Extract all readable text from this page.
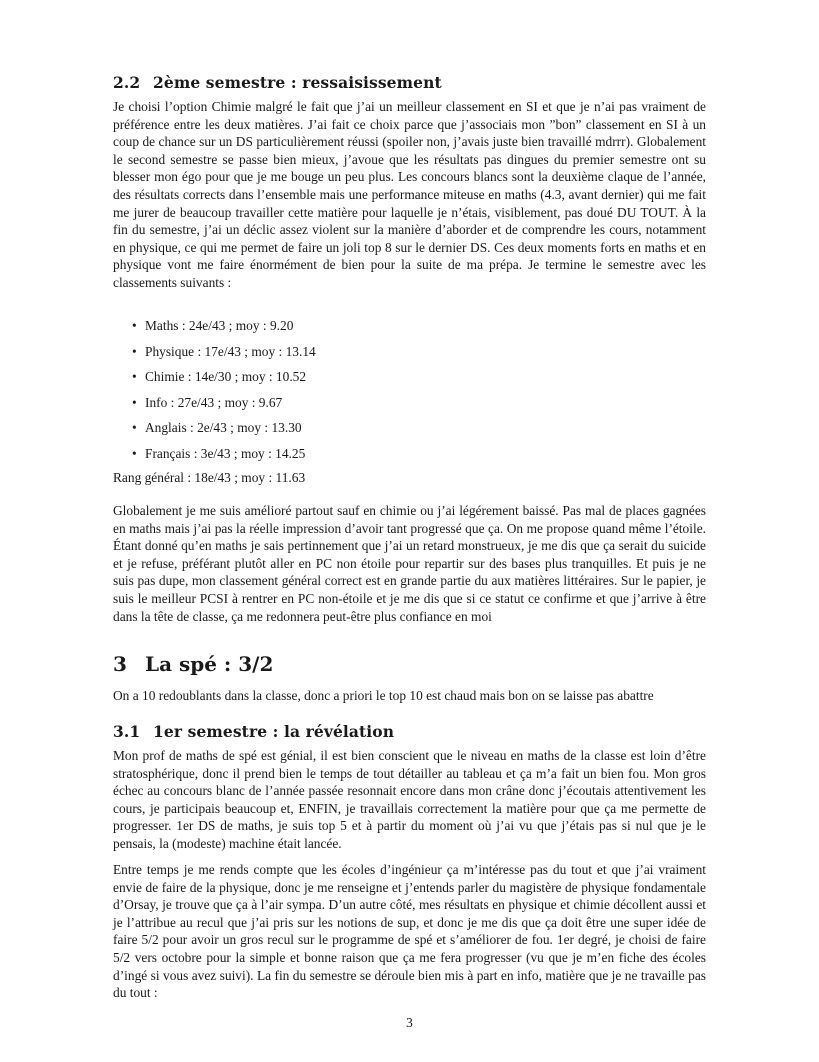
2.2 2ème semestre : ressaisissement
Je choisi l’option Chimie malgré le fait que j’ai un meilleur classement en SI et que je n’ai pas vraiment de préférence entre les deux matières. J’ai fait ce choix parce que j’associais mon ”bon” classement en SI à un coup de chance sur un DS particulièrement réussi (spoiler non, j’avais juste bien travaillé mdrrr). Globalement le second semestre se passe bien mieux, j’avoue que les résultats pas dingues du premier semestre ont su blesser mon égo pour que je me bouge un peu plus. Les concours blancs sont la deuxième claque de l’année, des résultats corrects dans l’ensemble mais une performance miteuse en maths (4.3, avant dernier) qui me fait me jurer de beaucoup travailler cette matière pour laquelle je n’étais, visiblement, pas doué DU TOUT. À la fin du semestre, j’ai un déclic assez violent sur la manière d’aborder et de comprendre les cours, notamment en physique, ce qui me permet de faire un joli top 8 sur le dernier DS. Ces deux moments forts en maths et en physique vont me faire énormément de bien pour la suite de ma prépa. Je termine le semestre avec les classements suivants :
• Maths : 24e/43 ; moy : 9.20
• Physique : 17e/43 ; moy : 13.14
• Chimie : 14e/30 ; moy : 10.52
• Info : 27e/43 ; moy : 9.67
• Anglais : 2e/43 ; moy : 13.30
• Français : 3e/43 ; moy : 14.25
Rang général : 18e/43 ; moy : 11.63
Globalement je me suis amélioré partout sauf en chimie ou j’ai légérement baissé. Pas mal de places gagnées en maths mais j’ai pas la réelle impression d’avoir tant progressé que ça. On me propose quand même l’étoile. Étant donné qu’en maths je sais pertinnement que j’ai un retard monstrueux, je me dis que ça serait du suicide et je refuse, préférant plutôt aller en PC non étoile pour repartir sur des bases plus tranquilles. Et puis je ne suis pas dupe, mon classement général correct est en grande partie du aux matières littéraires. Sur le papier, je suis le meilleur PCSI à rentrer en PC non-étoile et je me dis que si ce statut ce confirme et que j’arrive à être dans la tête de classe, ça me redonnera peut-être plus confiance en moi
3 La spé : 3/2
On a 10 redoublants dans la classe, donc a priori le top 10 est chaud mais bon on se laisse pas abattre
3.1 1er semestre : la révélation
Mon prof de maths de spé est génial, il est bien conscient que le niveau en maths de la classe est loin d’être stratosphérique, donc il prend bien le temps de tout détailler au tableau et ça m’a fait un bien fou. Mon gros échec au concours blanc de l’année passée resonnait encore dans mon crâne donc j’écoutais attentivement les cours, je participais beaucoup et, ENFIN, je travaillais correctement la matière pour que ça me permette de progresser. 1er DS de maths, je suis top 5 et à partir du moment où j’ai vu que j’étais pas si nul que je le pensais, la (modeste) machine était lancée.
Entre temps je me rends compte que les écoles d’ingénieur ça m’intéresse pas du tout et que j’ai vraiment envie de faire de la physique, donc je me renseigne et j’entends parler du magistère de physique fondamentale d’Orsay, je trouve que ça à l’air sympa. D’un autre côté, mes résultats en physique et chimie décollent aussi et je l’attribue au recul que j’ai pris sur les notions de sup, et donc je me dis que ça doit être une super idée de faire 5/2 pour avoir un gros recul sur le programme de spé et s’améliorer de fou. 1er degré, je choisi de faire 5/2 vers octobre pour la simple et bonne raison que ça me fera progresser (vu que je m’en fiche des écoles d’ingé si vous avez suivi). La fin du semestre se déroule bien mis à part en info, matière que je ne travaille pas du tout :
3
